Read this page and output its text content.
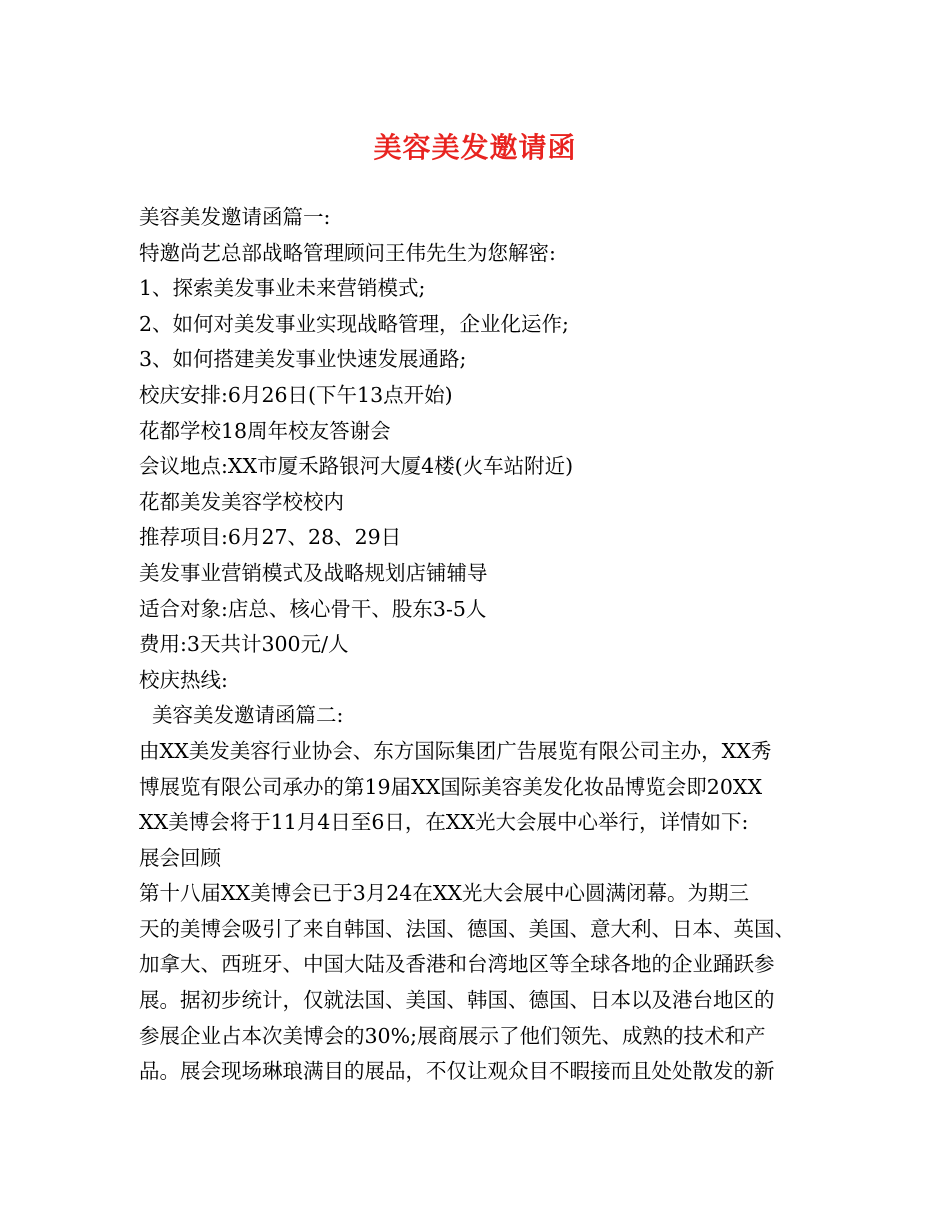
美容美发邀请函
美容美发邀请函篇一:
特邀尚艺总部战略管理顾问王伟先生为您解密:
1、探索美发事业未来营销模式;
2、如何对美发事业实现战略管理，企业化运作;
3、如何搭建美发事业快速发展通路;
校庆安排:6月26日(下午13点开始)
花都学校18周年校友答谢会
会议地点:XX市厦禾路银河大厦4楼(火车站附近)
花都美发美容学校校内
推荐项目:6月27、28、29日
美发事业营销模式及战略规划店铺辅导
适合对象:店总、核心骨干、股东3-5人
费用:3天共计300元/人
校庆热线:
美容美发邀请函篇二:
由XX美发美容行业协会、东方国际集团广告展览有限公司主办，XX秀
博展览有限公司承办的第19届XX国际美容美发化妆品博览会即20XX
XX美博会将于11月4日至6日，在XX光大会展中心举行，详情如下:
展会回顾
第十八届XX美博会已于3月24在XX光大会展中心圆满闭幕。为期三
天的美博会吸引了来自韩国、法国、德国、美国、意大利、日本、英国、
加拿大、西班牙、中国大陆及香港和台湾地区等全球各地的企业踊跃参
展。据初步统计，仅就法国、美国、韩国、德国、日本以及港台地区的
参展企业占本次美博会的30%;展商展示了他们领先、成熟的技术和产
品。展会现场琳琅满目的展品，不仅让观众目不暇接而且处处散发的新
